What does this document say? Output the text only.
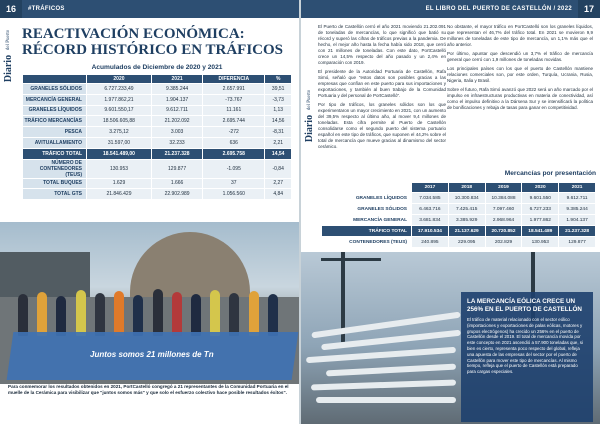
16	#TRÁFICOS
Diario del Puerto REACTIVACIÓN ECONÓMICA: RÉCORD HISTÓRICO EN TRÁFICOS
Acumulados de Diciembre de 2020 y 2021
	2020	2021	DIFERENCIA	%
GRANELES SÓLIDOS	6.727.233,49	9.385.244	2.657.991	39,51
MERCANCÍA GENERAL	1.977.862,21	1.904.137	-73.767	-3,73
GRANELES LÍQUIDOS	9.601.550,17	9.612.711	11.161	1,13
TRÁFICO MERCANCÍAS	18.506.605,88	21.202.092	2.695.744	14,56
PESCA	3.275,12	3.003	-272	-8,31
AVITUALLAMIENTO	31.597,00	32.233	636	2,21
TRÁFICO TOTAL	18.541.489,00	21.237.328	2.695.758	14,54
NÚMERO DE CONTENEDORES (TEUS)	130.953	129.877	-1.095	-0,84
TOTAL BUQUES	1.629	1.666	37	2,27
TOTAL GTS	21.846.429	22.902.989	1.056.560	4,84
Juntos somos 21 millones de Tn
Para conmemorar los resultados obtenidos en 2021, PortCastelló congregó a 21 representantes de la Comunidad Portuaria en el muelle de la Cerámica para visibilizar que "juntos somos más" y que solo el esfuerzo colectivo hace posible resultados éxitos".
EL LIBRO DEL PUERTO DE CASTELLÓN / 2022	17
Diario del Puerto

No obstante, el mayor tráfico en PortCastelló son los graneles líquidos, que representan el 46,7% del tráfico total. En 2021 se movieron 9,9 millones de toneladas de este tipo de mercancía, un 1,1% más que el año anterior.

Por último, apuntar que descendió un 3,7% el tráfico de mercancía general que cerró con 1,9 millones de toneladas movidas.

Los principales países con los que el puerto de Castellón mantiene relaciones comerciales son, por este orden, Turquía, Ucrania, Rusia, Nigeria, Italia y Brasil.

Sobre el futuro, Rafa Simó avanzó que 2022 será un año marcado por el impulso en infraestructuras productivas en materia de conectividad, así como el impulso definitivo a la Dársena Sur y se intensificará la política de bonificaciones y rebaja de tasas para ganar en competitividad.

Mercancías por presentación
	2017	2018	2019	2020	2021
GRANELES LÍQUIDOS	7.034.585	10.300.834	10.384.088	9.601.550	9.612.711
GRANELES SÓLIDOS	6.463.716	7.425.415	7.097.460	6.727.233	9.385.244
MERCANCÍA GENERAL	3.681.834	3.385.929	2.968.964	1.977.862	1.904.137
TRÁFICO TOTAL	17.910.534	21.137.629	20.720.852	18.541.489	21.237.328
CONTENEDORES (TEUS)	240.895	229.095	202.829	130.953	129.877
LA MERCANCÍA EÓLICA CRECE UN 256% EN EL PUERTO DE CASTELLÓN

El tráfico de material relacionado con el sector eólico (importaciones y exportaciones de palas eólicas, motores y grupos electrógenos) ha crecido un 256% en el puerto de Castellón desde el 2019. El total de mercancía movida por este concepto en 2021 ascendió a 57.900 toneladas que, si bien es cierto, representa poco respecto del global, refleja una apuesta de las empresas del sector por el puerto de Castellón para mover este tipo de mercancías. Al mismo tiempo, refleja que el puerto de Castellón está preparado para cargas especiales.

El Puerto de Castellón cerró el año 2021 moviendo 21.202.091 de toneladas de mercancías, lo que significó que batió su récord y superó las cifras de tráficos previas a la pandemia. De hecho, el mejor año hasta la fecha había sido 2018, que cerró con 21 millones de toneladas. Con este dato, PortCastelló crece un 14,5% respecto del año pasado y un 2,4% en comparación con 2019.

El presidente de la Autoridad Portuaria de Castellón, Rafa Simó, señaló que "estos datos son posibles gracias a las empresas que confían en este puerto para sus importaciones y exportaciones, y también al buen trabajo de la Comunidad Portuaria y del personal de PortCastelló".

Por tipo de tráficos, los graneles sólidos son los que experimentaron un mayor crecimiento en 2021, con un aumento del 39,5% respecto al último año, al mover 9,4 millones de toneladas. Esta cifra permite al Puerto de Castellón consolidarse como el segundo puerto del sistema portuario español en este tipo de tráficos, que suponen el 44,2% sobre el total de mercancía que mueve gracias al dinamismo del sector cerámico.
